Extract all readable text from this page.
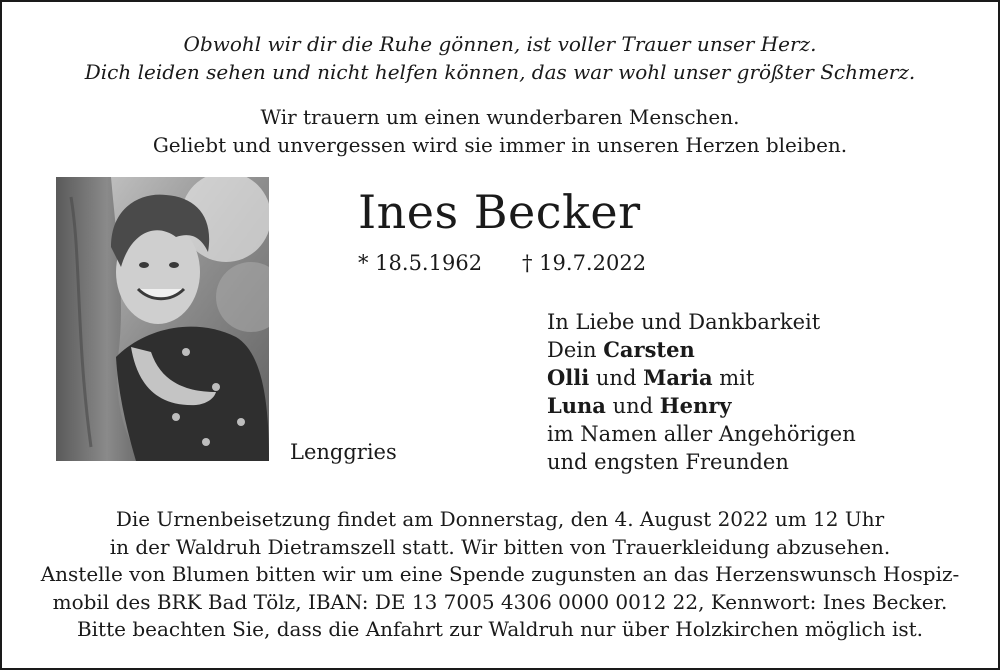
Obwohl wir dir die Ruhe gönnen, ist voller Trauer unser Herz.
Dich leiden sehen und nicht helfen können, das war wohl unser größter Schmerz.
Wir trauern um einen wunderbaren Menschen.
Geliebt und unvergessen wird sie immer in unseren Herzen bleiben.
Ines Becker
* 18.5.1962 † 19.7.2022
Lenggries
In Liebe und Dankbarkeit
Dein Carsten
Olli und Maria mit
Luna und Henry
im Namen aller Angehörigen
und engsten Freunden
Die Urnenbeisetzung findet am Donnerstag, den 4. August 2022 um 12 Uhr
in der Waldruh Dietramszell statt. Wir bitten von Trauerkleidung abzusehen.
Anstelle von Blumen bitten wir um eine Spende zugunsten an das Herzenswunsch Hospiz-
mobil des BRK Bad Tölz, IBAN: DE 13 7005 4306 0000 0012 22, Kennwort: Ines Becker.
Bitte beachten Sie, dass die Anfahrt zur Waldruh nur über Holzkirchen möglich ist.
